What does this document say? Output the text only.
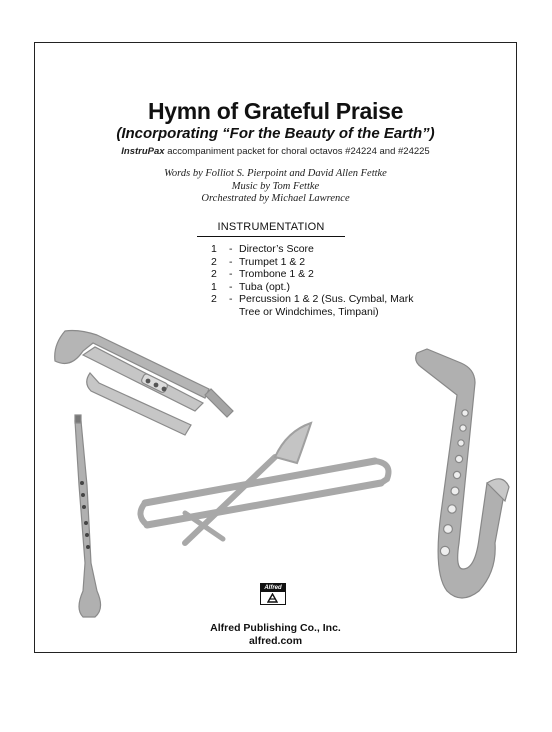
Hymn of Grateful Praise
(Incorporating “For the Beauty of the Earth”)
InstruPax accompaniment packet for choral octavos #24224 and #24225
Words by Folliot S. Pierpoint and David Allen Fettke
Music by Tom Fettke
Orchestrated by Michael Lawrence
INSTRUMENTATION
1	- Director’s Score
2	- Trumpet 1 & 2
2	- Trombone 1 & 2
1	- Tuba (opt.)
2	- Percussion 1 & 2 (Sus. Cymbal, Mark Tree or Windchimes, Timpani)
Alfred
Alfred Publishing Co., Inc.
alfred.com
